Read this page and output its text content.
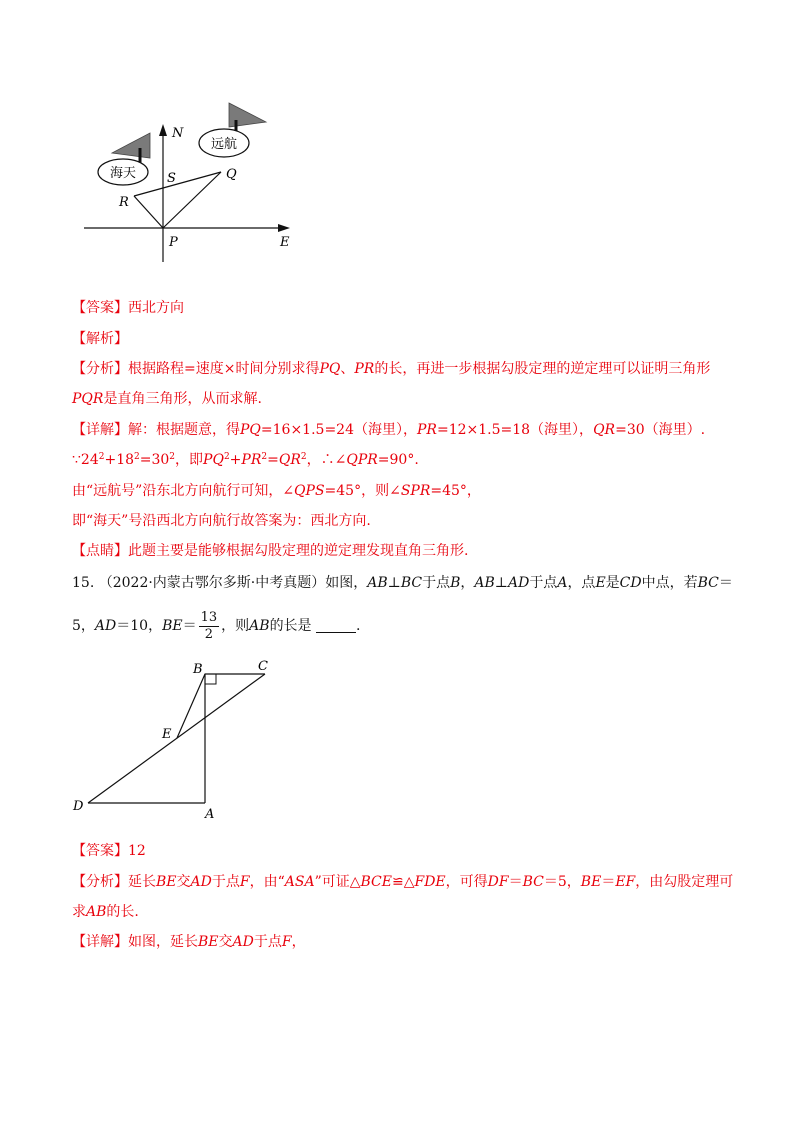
海天
远航
N
E
P
Q
R
S
【答案】西北方向
【解析】
【分析】根据路程=速度×时间分别求得PQ、PR的长，再进一步根据勾股定理的逆定理可以证明三角形
PQR是直角三角形，从而求解.
【详解】解：根据题意，得PQ=16×1.5=24（海里），PR=12×1.5=18（海里），QR=30（海里）.
$\because 24^2+18^2=30^2$，即$PQ^2+PR^2=QR^2$，∴∠QPR=90°.
由“远航号”沿东北方向航行可知，∠QPS=45°，则∠SPR=45°，
即“海天”号沿西北方向航行故答案为：西北方向.
【点睛】此题主要是能够根据勾股定理的逆定理发现直角三角形.
15. （2022·内蒙古鄂尔多斯·中考真题）如图，AB⊥BC于点B，AB⊥AD于点A，点E是CD中点，若BC＝
5，AD＝10，$BE= \frac{13}{2}$ ，则AB的长是	.
B	C
E
D
A
【答案】12
【分析】延长BE交AD于点F，由“ASA”可证△BCE≌△FDE，可得DF＝BC＝5，BE＝EF，由勾股定理可
求AB的长.
【详解】如图，延长BE交AD于点F，
